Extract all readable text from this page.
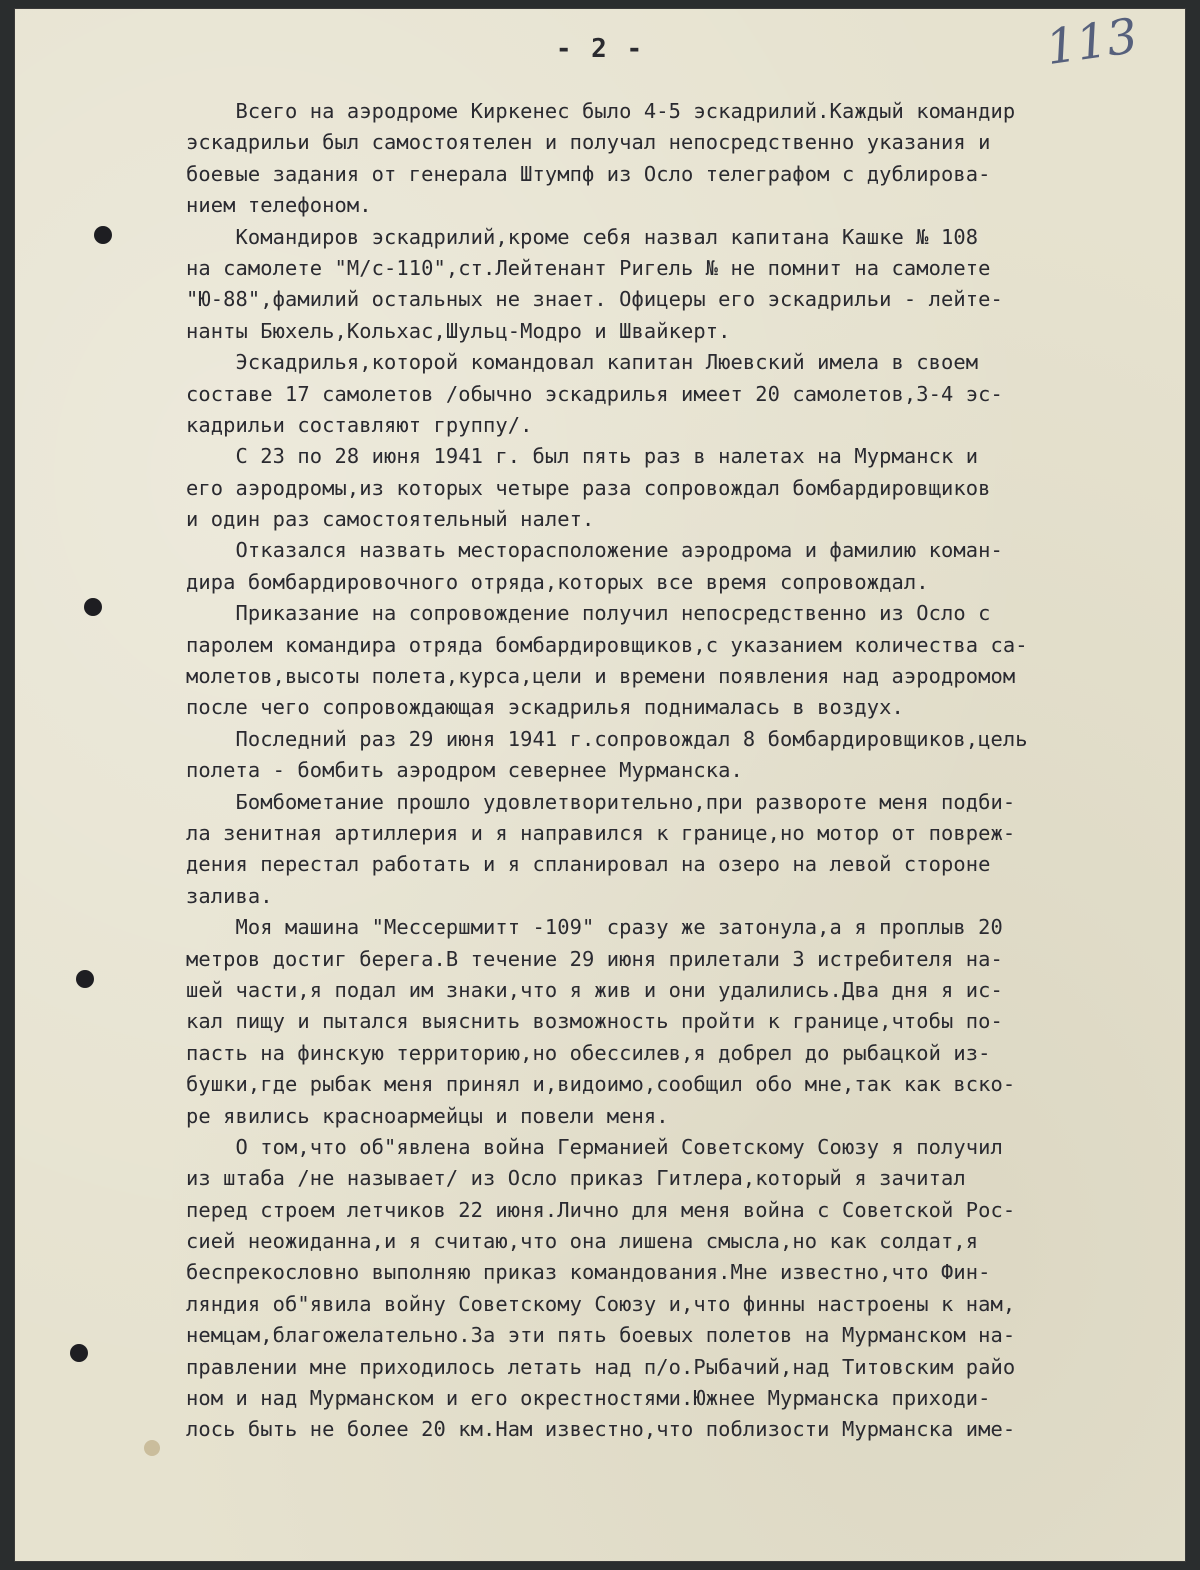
113
- 2 -
Всего на аэродроме Киркенес было 4-5 эскадрилий.Каждый командир
эскадрильи был самостоятелен и получал непосредственно указания и
боевые задания от генерала Штумпф из Осло телеграфом с дублирова-
нием телефоном.
Командиров эскадрилий,кроме себя назвал капитана Кашке № 108
на самолете "М/с-110",ст.Лейтенант Ригель № не помнит на самолете
"Ю-88",фамилий остальных не знает. Офицеры его эскадрильи - лейте-
нанты Бюхель,Кольхас,Шульц-Модро и Швайкерт.
Эскадрилья,которой командовал капитан Люевский имела в своем
составе 17 самолетов /обычно эскадрилья имеет 20 самолетов,3-4 эс-
кадрильи составляют группу/.
С 23 по 28 июня 1941 г. был пять раз в налетах на Мурманск и
его аэродромы,из которых четыре раза сопровождал бомбардировщиков
и один раз самостоятельный налет.
Отказался назвать месторасположение аэродрома и фамилию коман-
дира бомбардировочного отряда,которых все время сопровождал.
Приказание на сопровождение получил непосредственно из Осло с
паролем командира отряда бомбардировщиков,с указанием количества са-
молетов,высоты полета,курса,цели и времени появления над аэродромом
после чего сопровождающая эскадрилья поднималась в воздух.
Последний раз 29 июня 1941 г.сопровождал 8 бомбардировщиков,цель
полета - бомбить аэродром севернее Мурманска.
Бомбометание прошло удовлетворительно,при развороте меня подби-
ла зенитная артиллерия и я направился к границе,но мотор от повреж-
дения перестал работать и я спланировал на озеро на левой стороне
залива.
Моя машина "Мессершмитт -109" сразу же затонула,а я проплыв 20
метров достиг берега.В течение 29 июня прилетали 3 истребителя на-
шей части,я подал им знаки,что я жив и они удалились.Два дня я ис-
кал пищу и пытался выяснить возможность пройти к границе,чтобы по-
пасть на финскую территорию,но обессилев,я добрел до рыбацкой из-
бушки,где рыбак меня принял и,видоимо,сообщил обо мне,так как вско-
ре явились красноармейцы и повели меня.
О том,что об"явлена война Германией Советскому Союзу я получил
из штаба /не называет/ из Осло приказ Гитлера,который я зачитал
перед строем летчиков 22 июня.Лично для меня война с Советской Рос-
сией неожиданна,и я считаю,что она лишена смысла,но как солдат,я
беспрекословно выполняю приказ командования.Мне известно,что Фин-
ляндия об"явила войну Советскому Союзу и,что финны настроены к нам,
немцам,благожелательно.За эти пять боевых полетов на Мурманском на-
правлении мне приходилось летать над п/о.Рыбачий,над Титовским райо
ном и над Мурманском и его окрестностями.Южнее Мурманска приходи-
лось быть не более 20 км.Нам известно,что поблизости Мурманска име-
